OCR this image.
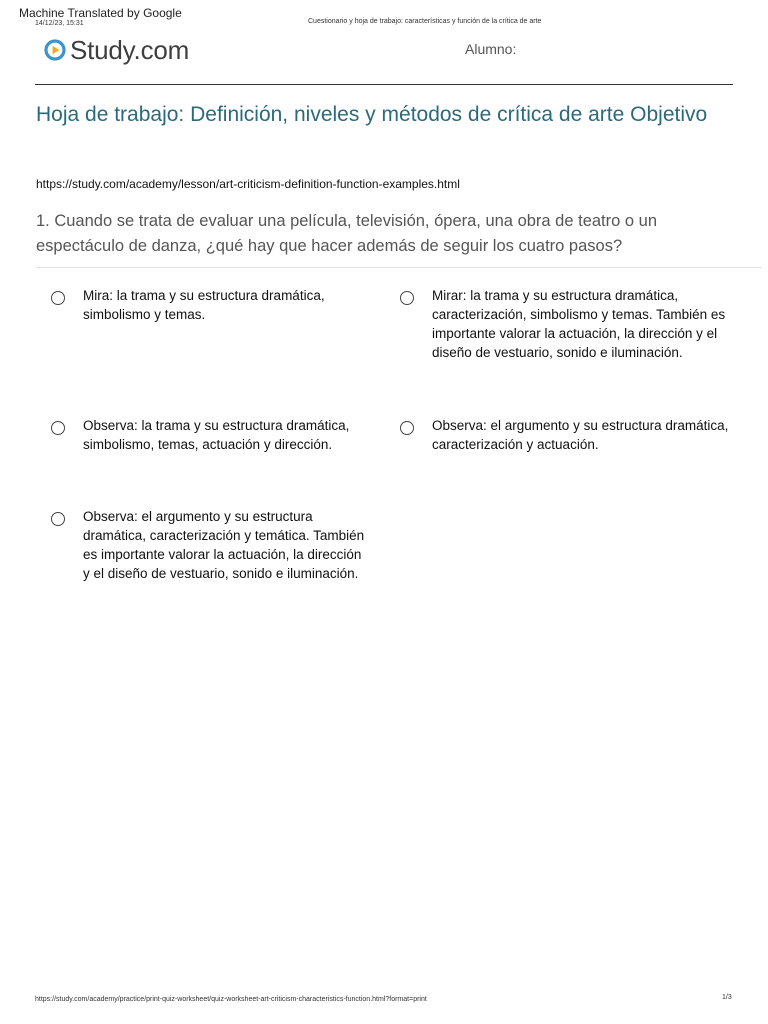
Machine Translated by Google
14/12/23, 15:31	Cuestionario y hoja de trabajo: características y función de la crítica de arte
Study.com	Alumno:
Hoja de trabajo: Definición, niveles y métodos de crítica de arte Objetivo
https://study.com/academy/lesson/art-criticism-definition-function-examples.html

1. Cuando se trata de evaluar una película, televisión, ópera, una obra de teatro o un espectáculo de danza, ¿qué hay que hacer además de seguir los cuatro pasos?

Mira: la trama y su estructura dramática, simbolismo y temas.
Mirar: la trama y su estructura dramática, caracterización, simbolismo y temas. También es importante valorar la actuación, la dirección y el diseño de vestuario, sonido e iluminación.
Observa: la trama y su estructura dramática, simbolismo, temas, actuación y dirección.
Observa: el argumento y su estructura dramática, caracterización y actuación.
Observa: el argumento y su estructura dramática, caracterización y temática. También es importante valorar la actuación, la dirección y el diseño de vestuario, sonido e iluminación.
https://study.com/academy/practice/print-quiz-worksheet/quiz-worksheet-art-criticism-characteristics-function.html?format=print	1/3
